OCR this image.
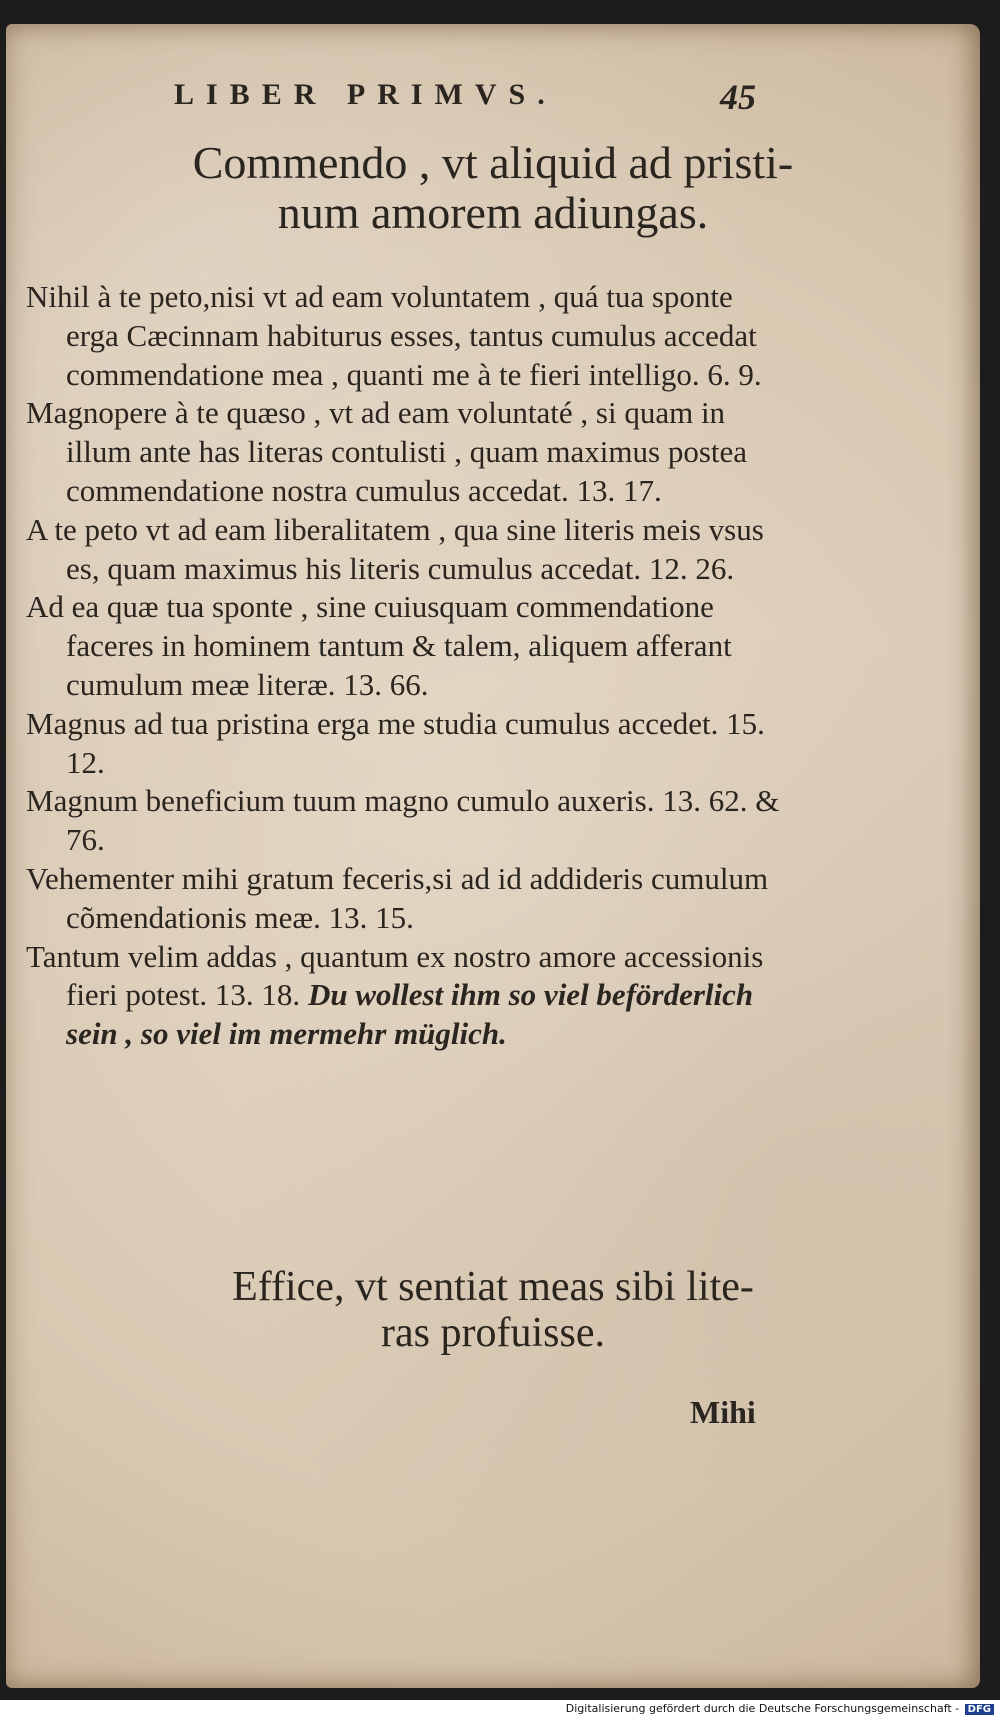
LIBER PRIMVS.	45
Commendo , vt aliquid ad pristi-
num amorem adiungas.

Nihil à te peto,nisi vt ad eam voluntatem , quá tua sponte erga Cæcinnam habiturus esses, tantus cumulus accedat commendatione mea , quanti me à te fieri intelligo. 6. 9.

Magnopere à te quæso , vt ad eam voluntaté , si quam in illum ante has literas contulisti , quam maximus postea commendatione nostra cumulus accedat. 13. 17.

A te peto vt ad eam liberalitatem , qua sine literis meis vsus es, quam maximus his literis cumulus accedat. 12. 26.

Ad ea quæ tua sponte , sine cuiusquam commendatione faceres in hominem tantum & talem, aliquem afferant cumulum meæ literæ. 13. 66.

Magnus ad tua pristina erga me studia cumulus accedet. 15. 12.

Magnum beneficium tuum magno cumulo auxeris. 13. 62. & 76.

Vehementer mihi gratum feceris,si ad id addideris cumulum cõmendationis meæ. 13. 15.

Tantum velim addas , quantum ex nostro amore accessionis fieri potest. 13. 18. Du wollest ihm so viel beförderlich sein , so viel im mermehr müglich.

Effice, vt sentiat meas sibi lite-
ras profuisse.
Mihi
Digitalisierung gefördert durch die Deutsche Forschungsgemeinschaft - DFG
